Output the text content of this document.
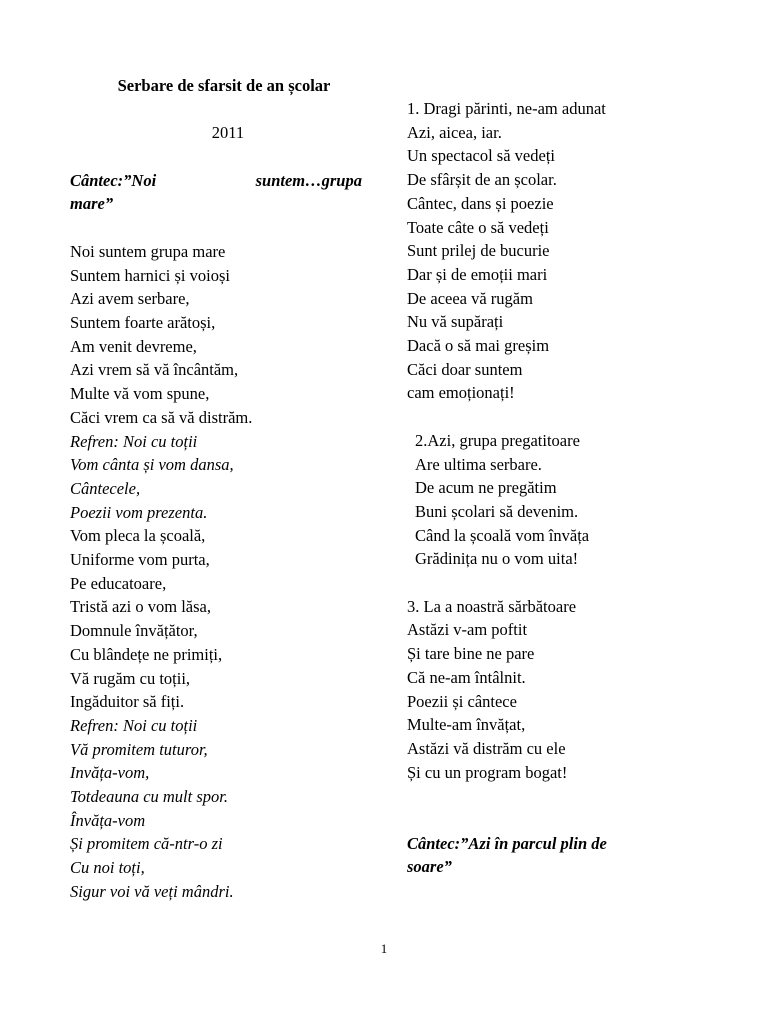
Serbare de sfarsit de an școlar
2011
Cântec:”Noi	suntem…grupa
mare”
Noi suntem grupa mare
Suntem harnici și voioși
Azi avem serbare,
Suntem foarte arătoși,
Am venit devreme,
Azi vrem să vă încântăm,
Multe vă vom spune,
Căci vrem ca să vă distrăm.
Refren: Noi cu toții
Vom cânta și vom dansa,
Cântecele,
Poezii vom prezenta.
Vom pleca la școală,
Uniforme vom purta,
Pe educatoare,
Tristă azi o vom lăsa,
Domnule învățător,
Cu blândețe ne primiți,
Vă rugăm cu toții,
Ingăduitor să fiți.
Refren: Noi cu toții
Vă promitem tuturor,
Invăța-vom,
Totdeauna cu mult spor.
Învăța-vom
Și promitem că-ntr-o zi
Cu noi toți,
Sigur voi vă veți mândri.
1. Dragi părinti, ne-am adunat
Azi, aicea, iar.
Un spectacol să vedeți
De sfârșit de an școlar.
Cântec, dans și poezie
Toate câte o să vedeți
Sunt prilej de bucurie
Dar și de emoții mari
De aceea vă rugăm
Nu vă supărați
Dacă o să mai greșim
Căci doar suntem
cam emoționați!
2.Azi, grupa pregatitoare
Are ultima serbare.
De acum ne pregătim
Buni școlari să devenim.
Când la școală vom învăța
Grădinița nu o vom uita!
3. La a noastră sărbătoare
Astăzi v-am poftit
Și tare bine ne pare
Că ne-am întâlnit.
Poezii și cântece
Multe-am învățat,
Astăzi vă distrăm cu ele
Și cu un program bogat!
Cântec:”Azi în parcul plin de
soare”
1
